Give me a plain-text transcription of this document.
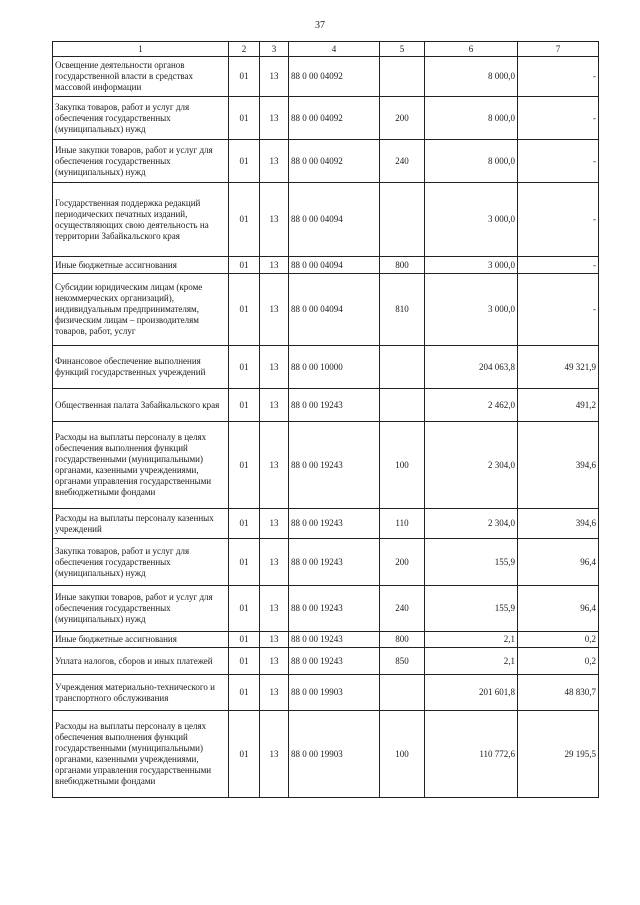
37
1	2	3	4	5	6	7
Освещение деятельности органов государственной власти в средствах массовой информации	01	13	88 0 00 04092		8 000,0	-
Закупка товаров, работ и услуг для обеспечения государственных (муниципальных) нужд	01	13	88 0 00 04092	200	8 000,0	-
Иные закупки товаров, работ и услуг для обеспечения государственных (муниципальных) нужд	01	13	88 0 00 04092	240	8 000,0	-
Государственная поддержка редакций периодических печатных изданий, осуществляющих свою деятельность на территории Забайкальского края	01	13	88 0 00 04094		3 000,0	-
Иные бюджетные ассигнования	01	13	88 0 00 04094	800	3 000,0	-
Субсидии юридическим лицам (кроме некоммерческих организаций), индивидуальным предпринимателям, физическим лицам – производителям товаров, работ, услуг	01	13	88 0 00 04094	810	3 000,0	-
Финансовое обеспечение выполнения функций государственных учреждений	01	13	88 0 00 10000		204 063,8	49 321,9
Общественная палата Забайкальского края	01	13	88 0 00 19243		2 462,0	491,2
Расходы на выплаты персоналу в целях обеспечения выполнения функций государственными (муниципальными) органами, казенными учреждениями, органами управления государственными внебюджетными фондами	01	13	88 0 00 19243	100	2 304,0	394,6
Расходы на выплаты персоналу казенных учреждений	01	13	88 0 00 19243	110	2 304,0	394,6
Закупка товаров, работ и услуг для обеспечения государственных (муниципальных) нужд	01	13	88 0 00 19243	200	155,9	96,4
Иные закупки товаров, работ и услуг для обеспечения государственных (муниципальных) нужд	01	13	88 0 00 19243	240	155,9	96,4
Иные бюджетные ассигнования	01	13	88 0 00 19243	800	2,1	0,2
Уплата налогов, сборов и иных платежей	01	13	88 0 00 19243	850	2,1	0,2
Учреждения материально-технического и транспортного обслуживания	01	13	88 0 00 19903		201 601,8	48 830,7
Расходы на выплаты персоналу в целях обеспечения выполнения функций государственными (муниципальными) органами, казенными учреждениями, органами управления государственными внебюджетными фондами	01	13	88 0 00 19903	100	110 772,6	29 195,5
